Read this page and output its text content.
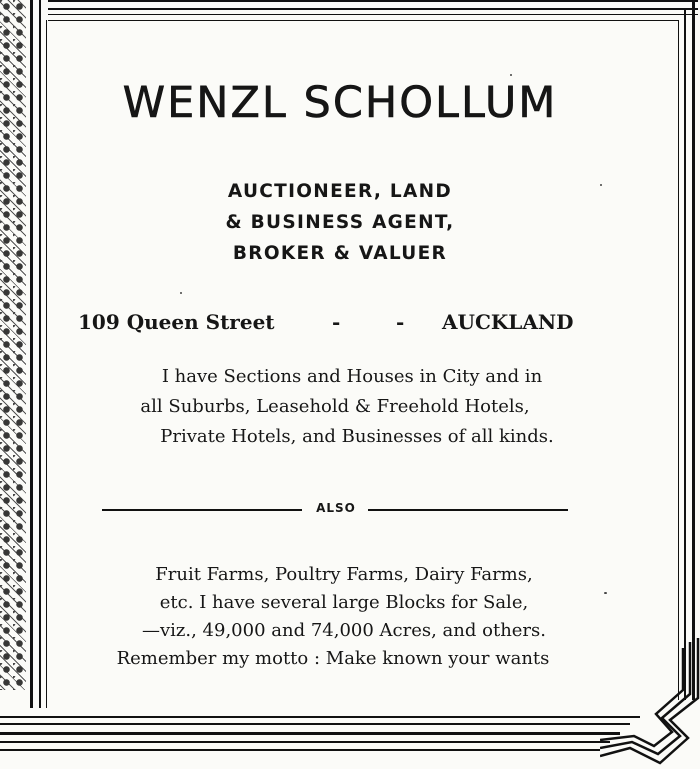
WENZL SCHOLLUM
AUCTIONEER, LAND
& BUSINESS AGENT,
BROKER & VALUER
109 Queen Street	-	- AUCKLAND
I have Sections and Houses in City and in
all Suburbs, Leasehold & Freehold Hotels,
Private Hotels, and Businesses of all kinds.
ALSO
Fruit Farms, Poultry Farms, Dairy Farms,
etc. I have several large Blocks for Sale,
—viz., 49,000 and 74,000 Acres, and others.
Remember my motto : Make known your wants
